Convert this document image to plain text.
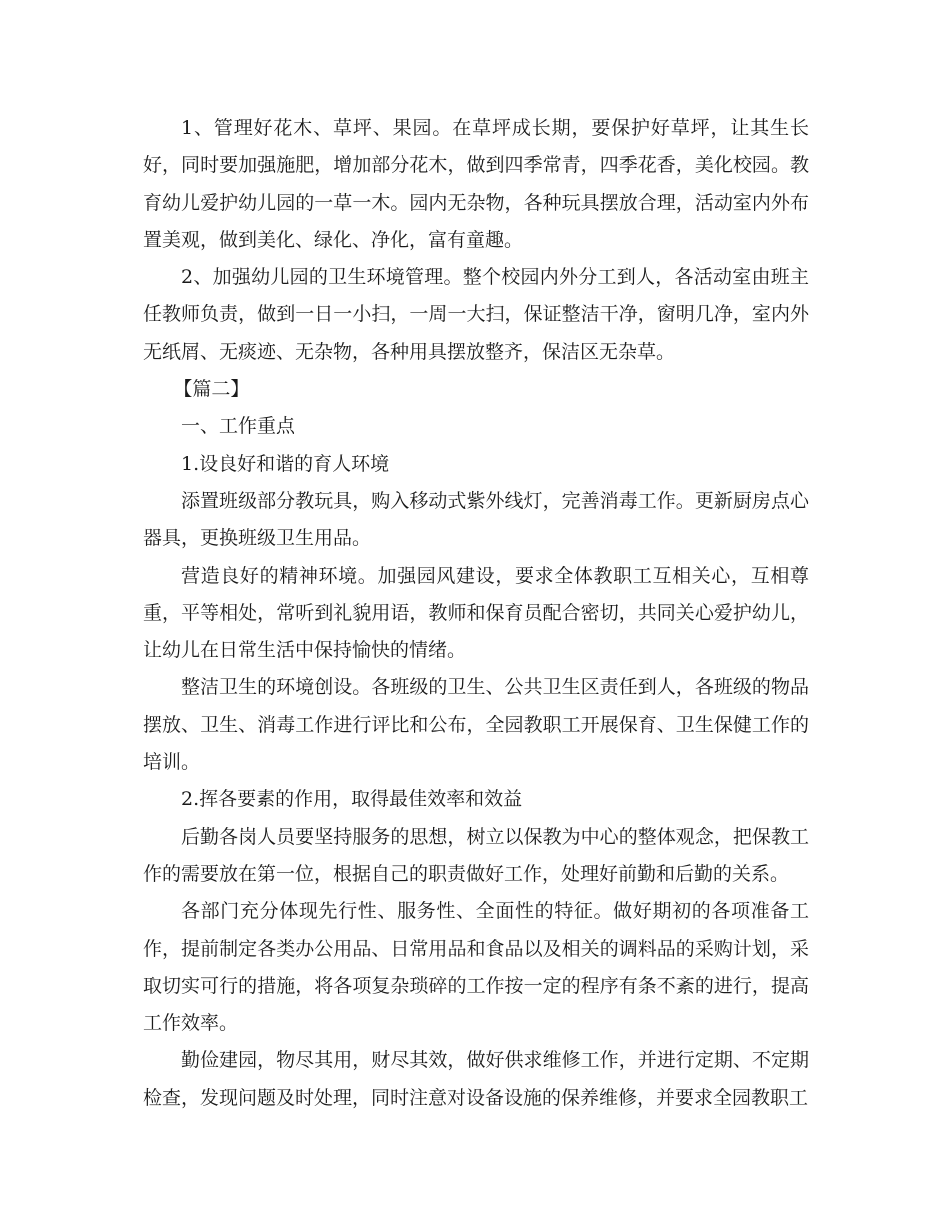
1、管理好花木、草坪、果园。在草坪成长期，要保护好草坪，让其生长好，同时要加强施肥，增加部分花木，做到四季常青，四季花香，美化校园。教育幼儿爱护幼儿园的一草一木。园内无杂物，各种玩具摆放合理，活动室内外布置美观，做到美化、绿化、净化，富有童趣。

2、加强幼儿园的卫生环境管理。整个校园内外分工到人，各活动室由班主任教师负责，做到一日一小扫，一周一大扫，保证整洁干净，窗明几净，室内外无纸屑、无痰迹、无杂物，各种用具摆放整齐，保洁区无杂草。

【篇二】

一、工作重点

1.设良好和谐的育人环境

添置班级部分教玩具，购入移动式紫外线灯，完善消毒工作。更新厨房点心器具，更换班级卫生用品。

营造良好的精神环境。加强园风建设，要求全体教职工互相关心，互相尊重，平等相处，常听到礼貌用语，教师和保育员配合密切，共同关心爱护幼儿，让幼儿在日常生活中保持愉快的情绪。

整洁卫生的环境创设。各班级的卫生、公共卫生区责任到人，各班级的物品摆放、卫生、消毒工作进行评比和公布，全园教职工开展保育、卫生保健工作的培训。

2.挥各要素的作用，取得最佳效率和效益

后勤各岗人员要坚持服务的思想，树立以保教为中心的整体观念，把保教工作的需要放在第一位，根据自己的职责做好工作，处理好前勤和后勤的关系。

各部门充分体现先行性、服务性、全面性的特征。做好期初的各项准备工作，提前制定各类办公用品、日常用品和食品以及相关的调料品的采购计划，采取切实可行的措施，将各项复杂琐碎的工作按一定的程序有条不紊的进行，提高工作效率。

勤俭建园，物尽其用，财尽其效，做好供求维修工作，并进行定期、不定期检查，发现问题及时处理，同时注意对设备设施的保养维修，并要求全园教职工
